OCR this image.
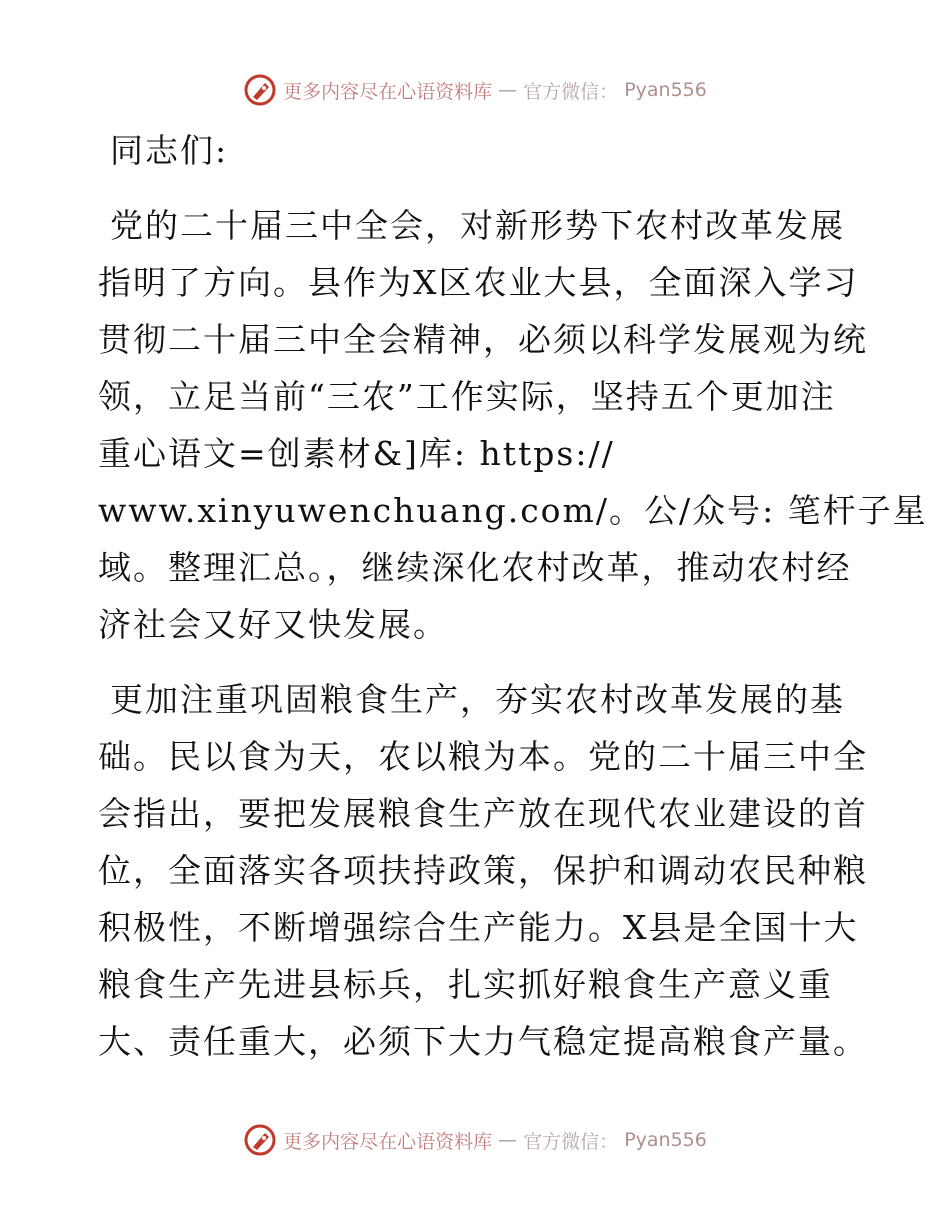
更多内容尽在心语资料库 — 官方微信： Pyan556
同志们:
党的二十届三中全会，对新形势下农村改革发展
指明了方向。县作为X区农业大县，全面深入学习
贯彻二十届三中全会精神，必须以科学发展观为统
领，立足当前“三农”工作实际，坚持五个更加注
重心语文=创素材&]库: https://
www.xinyuwenchuang.com/。公/众号: 笔杆子星
域。整理汇总。，继续深化农村改革，推动农村经
济社会又好又快发展。
更加注重巩固粮食生产，夯实农村改革发展的基
础。民以食为天，农以粮为本。党的二十届三中全
会指出，要把发展粮食生产放在现代农业建设的首
位，全面落实各项扶持政策，保护和调动农民种粮
积极性，不断增强综合生产能力。X县是全国十大
粮食生产先进县标兵，扎实抓好粮食生产意义重
大、责任重大，必须下大力气稳定提高粮食产量。
更多内容尽在心语资料库 — 官方微信： Pyan556
